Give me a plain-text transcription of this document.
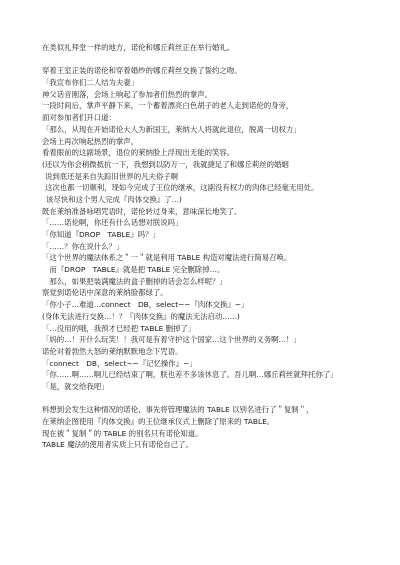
在类似礼拜堂一样的地方，诺伦和娜丘莉丝正在举行婚礼。
穿着王室正装的诺伦和穿着婚纱的娜丘莉丝交换了誓约之吻。
「我宣布你们二人结为夫妻」
神父话音刚落，会场上响起了参加者们热烈的掌声。
一段时间后，掌声平静下来，一个蓄着漂亮白色胡子的老人走到诺伦的身旁，
面对参加者们开口道：
「那么，从现在开始诺伦大人为新国王，莱纳大人将就此退位，脱离一切权力」
会场上再次响起热烈的掌声。
看着眼前的这副场景，退位的莱纳脸上浮现出无能的笑容。
(还以为你会稍微抵抗一下，我想到以防万一，我就捷足了和娜丘莉丝的婚姻
说到底还是来自失踪旧世界的凡夫俗子啊
这次也都一切顺利，现如今完成了王位的继承，这副没有权力的肉体已经毫无用处。
该尽快和这个男人完成『肉体交换』了…)
既在莱纳准备咏唱咒语时，诺伦转过身来，意味深长地笑了。
「……诺伦啊，你还有什么话想对朕说吗」
「你知道『DROP　TABLE』吗？」
「……？你在说什么？」
「这个世界的魔法体系之＂一＂就是利用 TABLE 构造对魔法进行简易召唤。
　而『DROP　TABLE』就是把 TABLE 完全删除掉…。
　那么，如果把装满魔法的盒子删掉的话会怎么样呢？」
察觉到诺伦话中深意的莱纳脸都绿了。
「你小子…难道…connect　DB，select~~『肉体交换』~」
(身体无法进行交换…！？『肉体交换』的魔法无法启动……)
「…没用的哦，我预才已经把 TABLE 删掉了」
「妈的…！开什么玩笑！！我可是有着守护这个国家…这个世界的义务啊…！」
诺伦对着勃然大怒的莱纳默默地念下咒语。
「connect　DB，select~~『记忆操作』~」
「你……啊……啊儿已经结束了啊，朕也差不多该休息了。吾儿啊…娜丘莉丝就拜托你了」
「是，就交给我吧」
料想到会发生这种情况的诺伦，事先将管理魔法的 TABLE 以别名进行了＂复制＂，
在莱纳企图使用『肉体交换』的王位继承仪式上删除了原来的 TABLE。
现在被＂复制＂的 TABLE 的别名只有诺伦知道。
TABLE 魔法的使用者实质上只有诺伦自己了。
